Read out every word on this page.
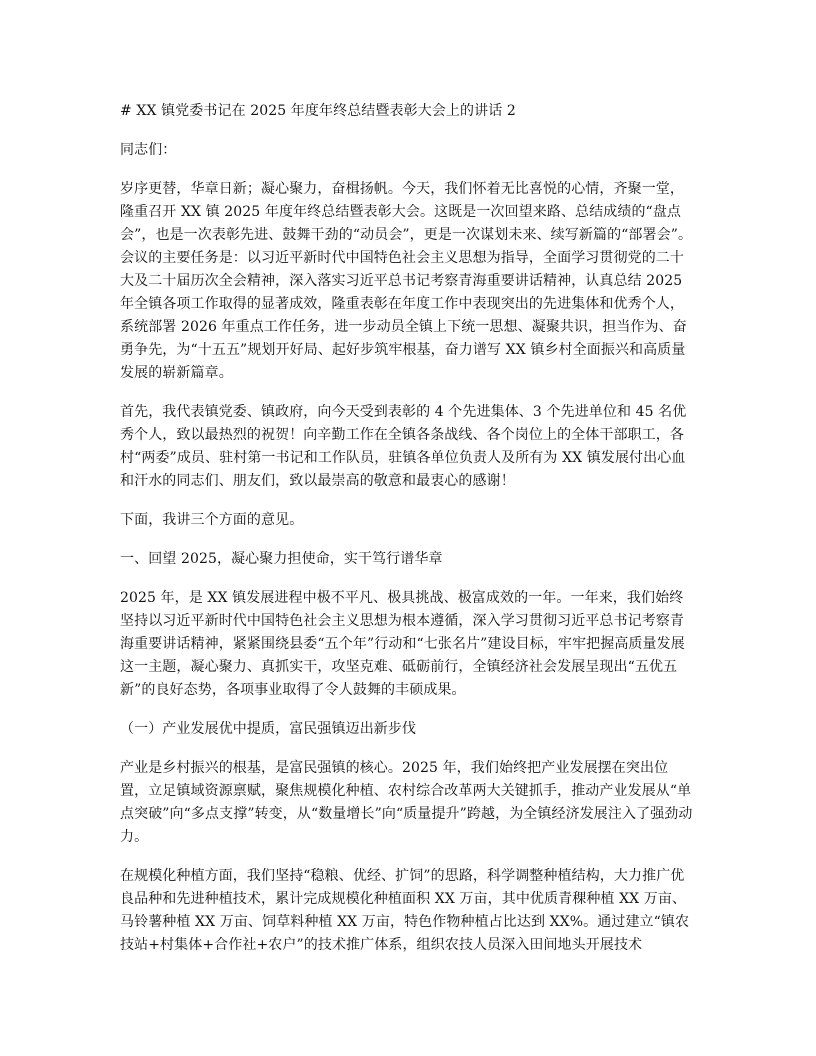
# XX 镇党委书记在 2025 年度年终总结暨表彰大会上的讲话 2

同志们：

岁序更替，华章日新；凝心聚力，奋楫扬帆。今天，我们怀着无比喜悦的心情，齐聚一堂，隆重召开 XX 镇 2025 年度年终总结暨表彰大会。这既是一次回望来路、总结成绩的“盘点会”，也是一次表彰先进、鼓舞干劲的“动员会”，更是一次谋划未来、续写新篇的“部署会”。会议的主要任务是：以习近平新时代中国特色社会主义思想为指导，全面学习贯彻党的二十大及二十届历次全会精神，深入落实习近平总书记考察青海重要讲话精神，认真总结 2025 年全镇各项工作取得的显著成效，隆重表彰在年度工作中表现突出的先进集体和优秀个人，系统部署 2026 年重点工作任务，进一步动员全镇上下统一思想、凝聚共识，担当作为、奋勇争先，为“十五五”规划开好局、起好步筑牢根基，奋力谱写 XX 镇乡村全面振兴和高质量发展的崭新篇章。

首先，我代表镇党委、镇政府，向今天受到表彰的 4 个先进集体、3 个先进单位和 45 名优秀个人，致以最热烈的祝贺！向辛勤工作在全镇各条战线、各个岗位上的全体干部职工，各村“两委”成员、驻村第一书记和工作队员，驻镇各单位负责人及所有为 XX 镇发展付出心血和汗水的同志们、朋友们，致以最崇高的敬意和最衷心的感谢！

下面，我讲三个方面的意见。

一、回望 2025，凝心聚力担使命，实干笃行谱华章

2025 年，是 XX 镇发展进程中极不平凡、极具挑战、极富成效的一年。一年来，我们始终坚持以习近平新时代中国特色社会主义思想为根本遵循，深入学习贯彻习近平总书记考察青海重要讲话精神，紧紧围绕县委“五个年”行动和“七张名片”建设目标，牢牢把握高质量发展这一主题，凝心聚力、真抓实干，攻坚克难、砥砺前行，全镇经济社会发展呈现出“五优五新”的良好态势，各项事业取得了令人鼓舞的丰硕成果。

（一）产业发展优中提质，富民强镇迈出新步伐

产业是乡村振兴的根基，是富民强镇的核心。2025 年，我们始终把产业发展摆在突出位置，立足镇域资源禀赋，聚焦规模化种植、农村综合改革两大关键抓手，推动产业发展从“单点突破”向“多点支撑”转变，从“数量增长”向“质量提升”跨越，为全镇经济发展注入了强劲动力。

在规模化种植方面，我们坚持“稳粮、优经、扩饲”的思路，科学调整种植结构，大力推广优良品种和先进种植技术，累计完成规模化种植面积 XX 万亩，其中优质青稞种植 XX 万亩、马铃薯种植 XX 万亩、饲草料种植 XX 万亩，特色作物种植占比达到 XX%。通过建立“镇农技站+村集体+合作社+农户”的技术推广体系，组织农技人员深入田间地头开展技术
